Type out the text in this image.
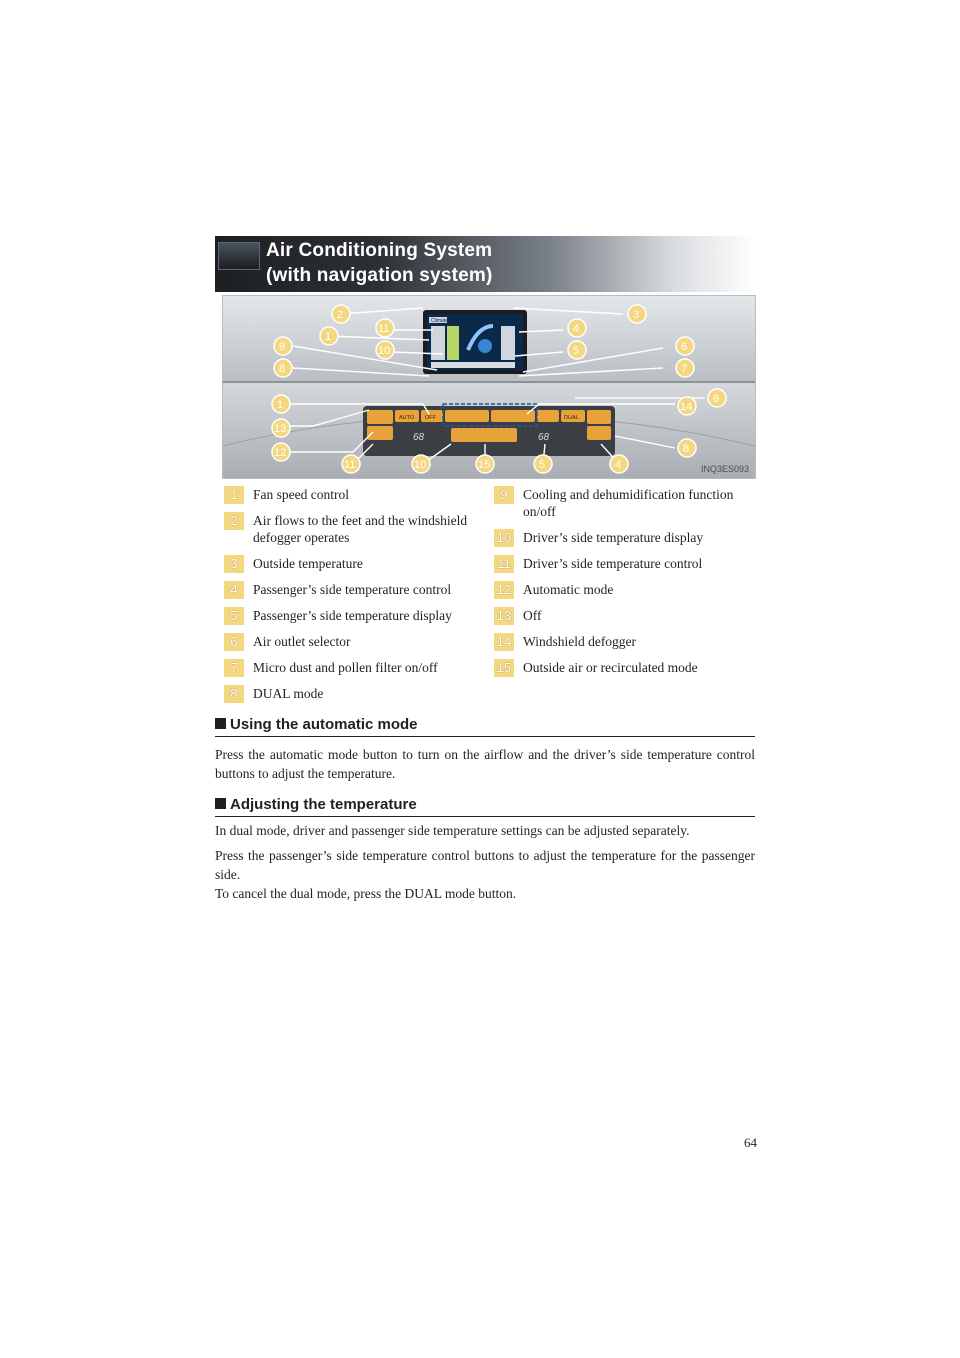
Air Conditioning System
(with navigation system)
Climate
AUTO OFF	DUAL
68	68
2
1
11
10
9
8
3
4
5	6
7
1
13
12
11	10	15	5	4
14
6
8
INQ3ES093
1	Fan speed control
2	Air flows to the feet and the windshield defogger operates
3	Outside temperature
4	Passenger’s side temperature control
5	Passenger’s side temperature display
6	Air outlet selector
7	Micro dust and pollen filter on/off
8	DUAL mode
9	Cooling and dehumidification function on/off
10 Driver’s side temperature display
11 Driver’s side temperature control
12 Automatic mode
13 Off
14 Windshield defogger
15 Outside air or recirculated mode
Using the automatic mode
Press the automatic mode button to turn on the airflow and the driver’s side temperature control buttons to adjust the temperature.
Adjusting the temperature
In dual mode, driver and passenger side temperature settings can be adjusted separately.
Press the passenger’s side temperature control buttons to adjust the temperature for the passenger side.
To cancel the dual mode, press the DUAL mode button.
64
